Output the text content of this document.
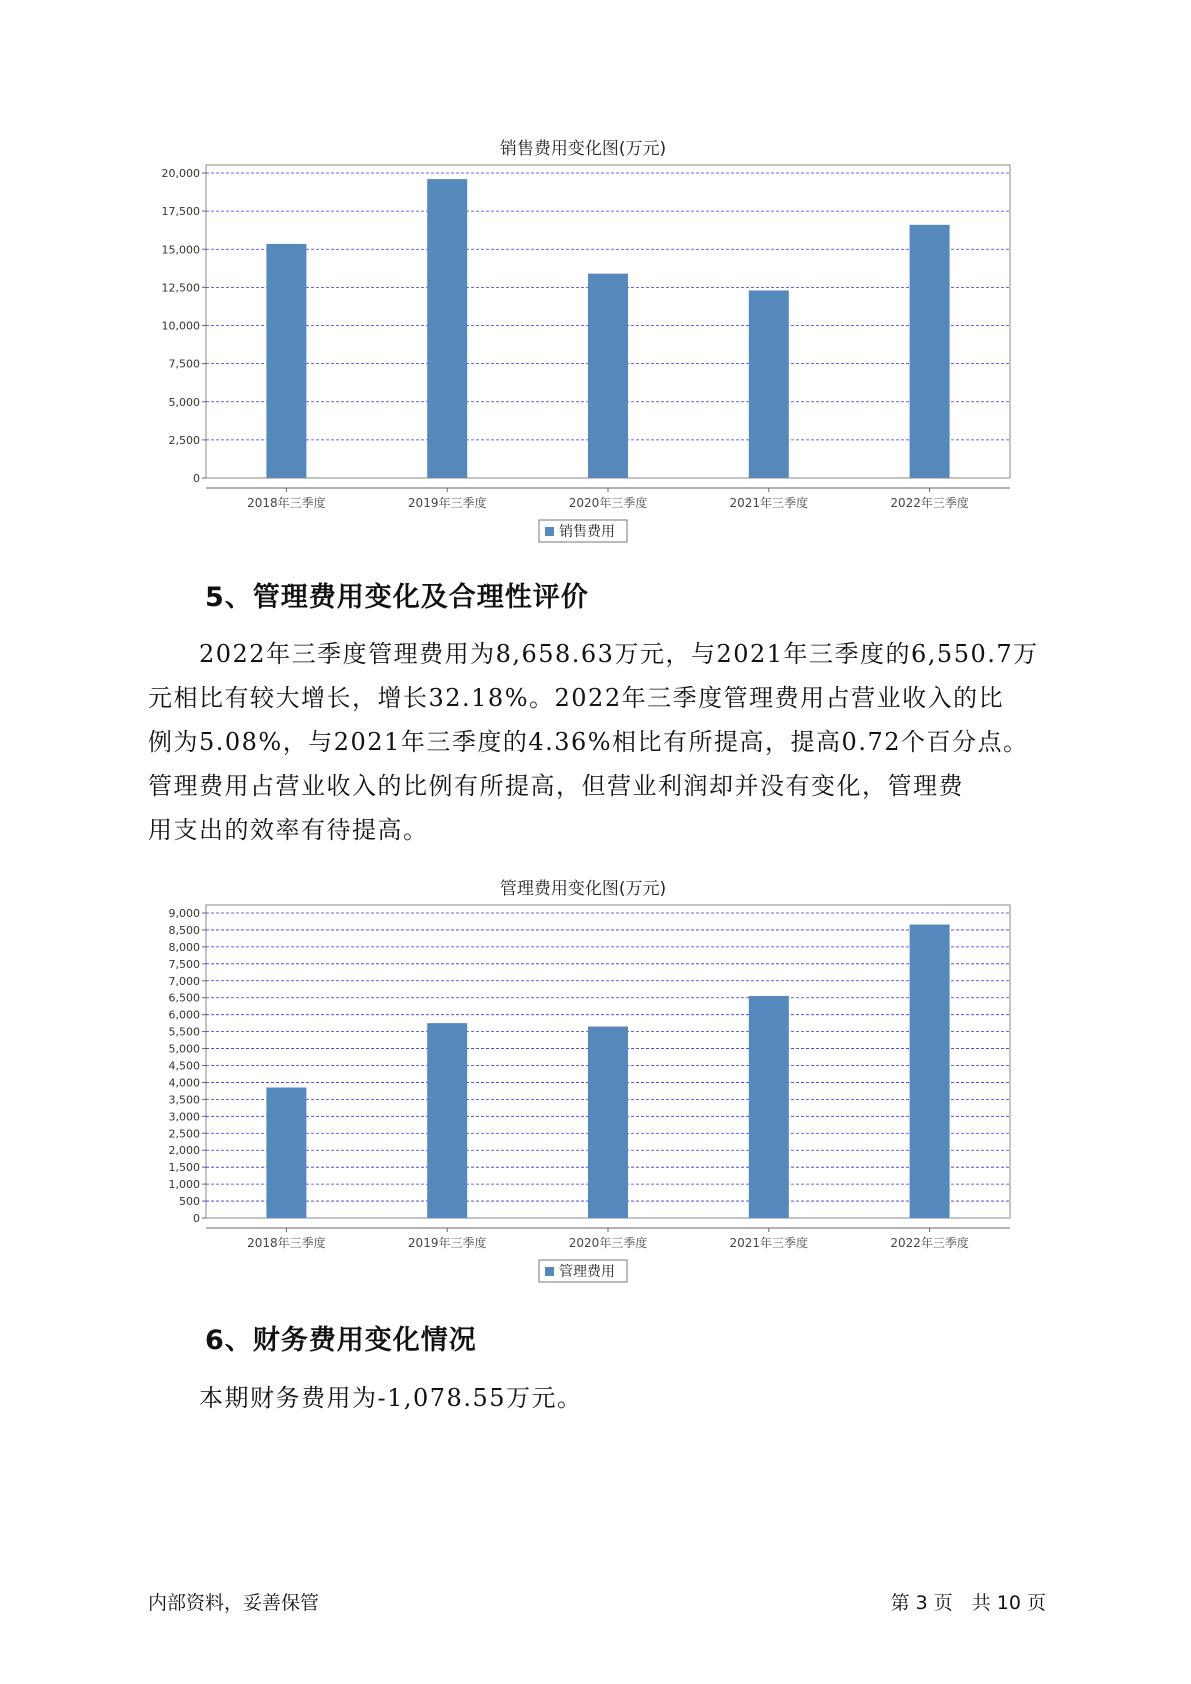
销售费用变化图(万元)
0
2,500
5,000
7,500
10,000
12,500
15,000
17,500
20,000
2018年三季度	2019年三季度	2020年三季度	2021年三季度	2022年三季度
销售费用
5、管理费用变化及合理性评价
　　2022年三季度管理费用为8,658.63万元，与2021年三季度的6,550.7万
元相比有较大增长，增长32.18%。2022年三季度管理费用占营业收入的比
例为5.08%，与2021年三季度的4.36%相比有所提高，提高0.72个百分点。
管理费用占营业收入的比例有所提高，但营业利润却并没有变化，管理费
用支出的效率有待提高。
管理费用变化图(万元)
0
500
1,000
1,500
2,000
2,500
3,000
3,500
4,000
4,500
5,000
5,500
6,000
6,500
7,000
7,500
8,000
8,500
9,000
2018年三季度	2019年三季度	2020年三季度	2021年三季度	2022年三季度
管理费用
6、财务费用变化情况
　　本期财务费用为-1,078.55万元。
内部资料，妥善保管	第 3 页　共 10 页
